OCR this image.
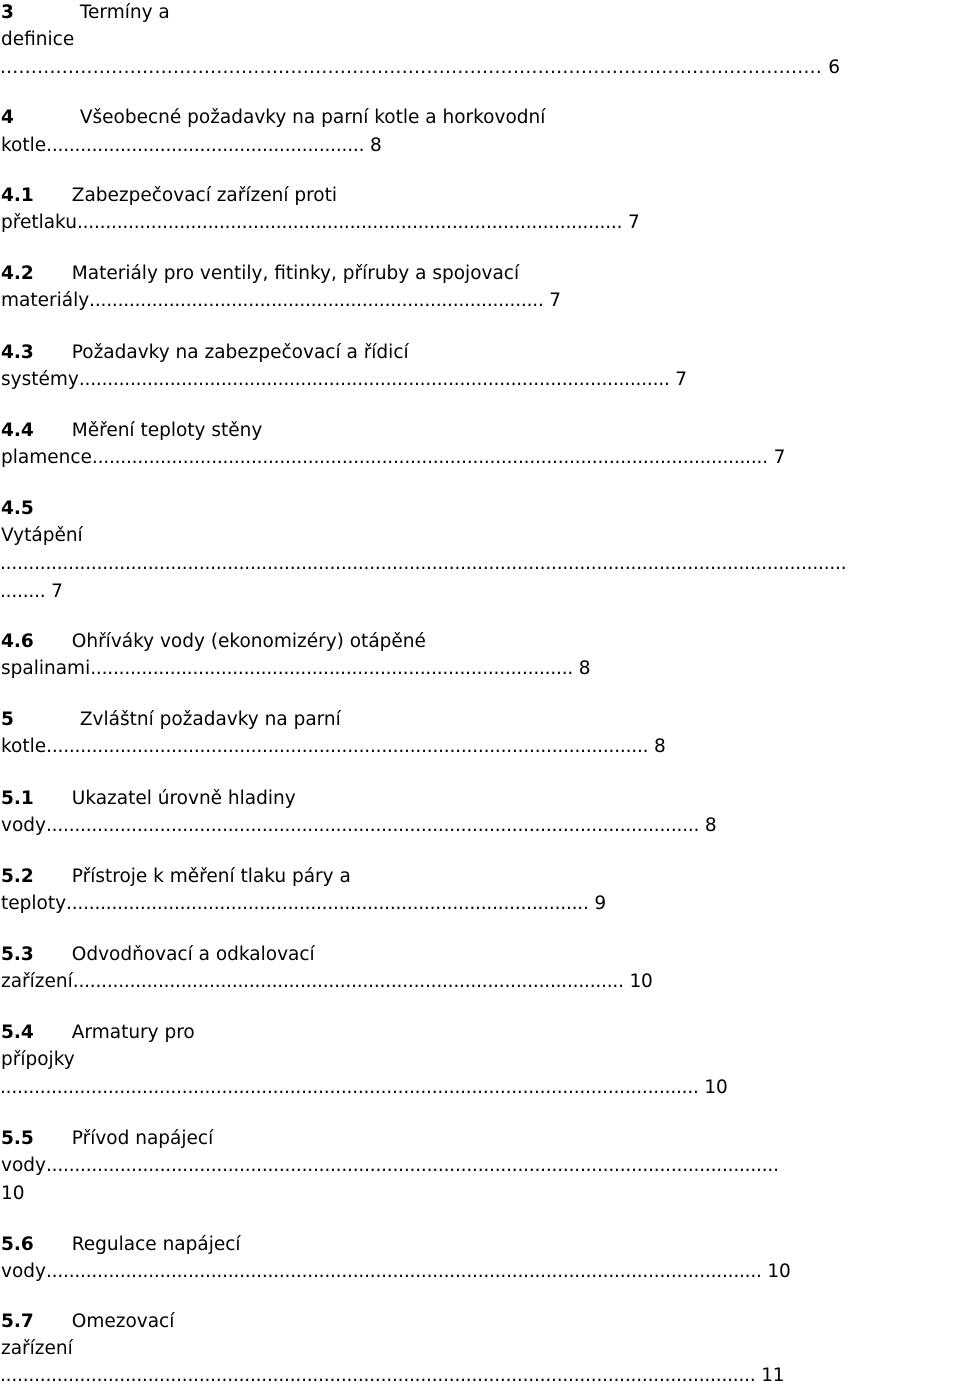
3	Termíny a
definice
..................................................................................................................................... 6
4	Všeobecné požadavky na parní kotle a horkovodní
kotle........................................................ 8
4.1 Zabezpečovací zařízení proti
přetlaku................................................................................................ 7
4.2 Materiály pro ventily, fitinky, příruby a spojovací
materiály................................................................................ 7
4.3 Požadavky na zabezpečovací a řídicí
systémy........................................................................................................ 7
4.4 Měření teploty stěny
plamence....................................................................................................................... 7
4.5
Vytápění
.....................................................................................................................................................
........ 7
4.6 Ohříváky vody (ekonomizéry) otápěné
spalinami..................................................................................... 8
5	Zvláštní požadavky na parní
kotle.......................................................................................................... 8
5.1 Ukazatel úrovně hladiny
vody................................................................................................................... 8
5.2 Přístroje k měření tlaku páry a
teploty............................................................................................ 9
5.3 Odvodňovací a odkalovací
zařízení................................................................................................. 10
5.4 Armatury pro
přípojky
........................................................................................................................... 10
5.5 Přívod napájecí
vody.................................................................................................................................
10
5.6 Regulace napájecí
vody.............................................................................................................................. 10
5.7 Omezovací
zařízení
..................................................................................................................................... 11
